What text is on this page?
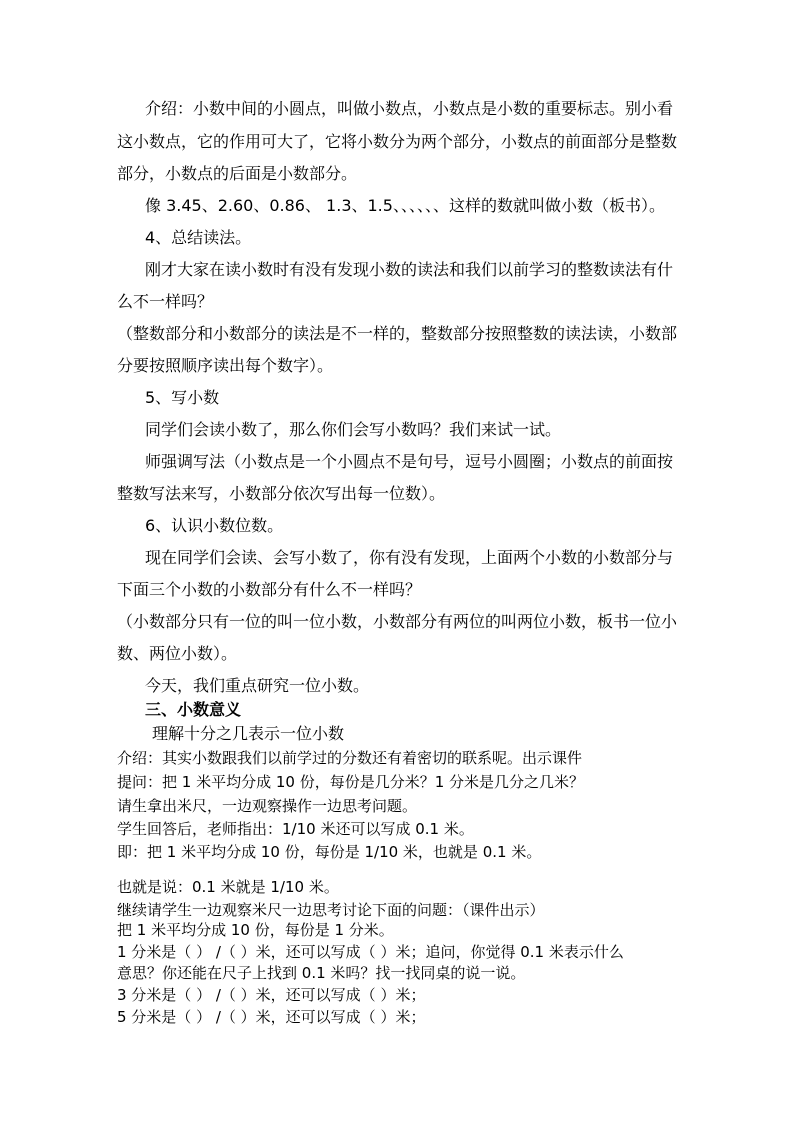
介绍：小数中间的小圆点，叫做小数点，小数点是小数的重要标志。别小看
这小数点，它的作用可大了，它将小数分为两个部分，小数点的前面部分是整数
部分，小数点的后面是小数部分。
像 3.45、2.60、0.86、 1.3、1.5、、、、、、这样的数就叫做小数（板书）。
4、总结读法。
刚才大家在读小数时有没有发现小数的读法和我们以前学习的整数读法有什
么不一样吗？
（整数部分和小数部分的读法是不一样的，整数部分按照整数的读法读，小数部
分要按照顺序读出每个数字）。
5、写小数
同学们会读小数了，那么你们会写小数吗？我们来试一试。
师强调写法（小数点是一个小圆点不是句号，逗号小圆圈；小数点的前面按
整数写法来写，小数部分依次写出每一位数）。
6、认识小数位数。
现在同学们会读、会写小数了，你有没有发现，上面两个小数的小数部分与
下面三个小数的小数部分有什么不一样吗？
（小数部分只有一位的叫一位小数，小数部分有两位的叫两位小数，板书一位小
数、两位小数）。
今天，我们重点研究一位小数。
三、小数意义
理解十分之几表示一位小数
介绍：其实小数跟我们以前学过的分数还有着密切的联系呢。出示课件
提问：把 1 米平均分成 10 份，每份是几分米？1 分米是几分之几米？
请生拿出米尺，一边观察操作一边思考问题。
学生回答后，老师指出：1/10 米还可以写成 0.1 米。
即：把 1 米平均分成 10 份，每份是 1/10 米，也就是 0.1 米。
也就是说：0.1 米就是 1/10 米。
继续请学生一边观察米尺一边思考讨论下面的问题：（课件出示）
把 1 米平均分成 10 份，每份是 1 分米。
1 分米是（ ） /（ ）米，还可以写成（ ）米；追问，你觉得 0.1 米表示什么
意思？你还能在尺子上找到 0.1 米吗？找一找同桌的说一说。
3 分米是（ ） /（ ）米，还可以写成（ ）米；
5 分米是（ ） /（ ）米，还可以写成（ ）米；
